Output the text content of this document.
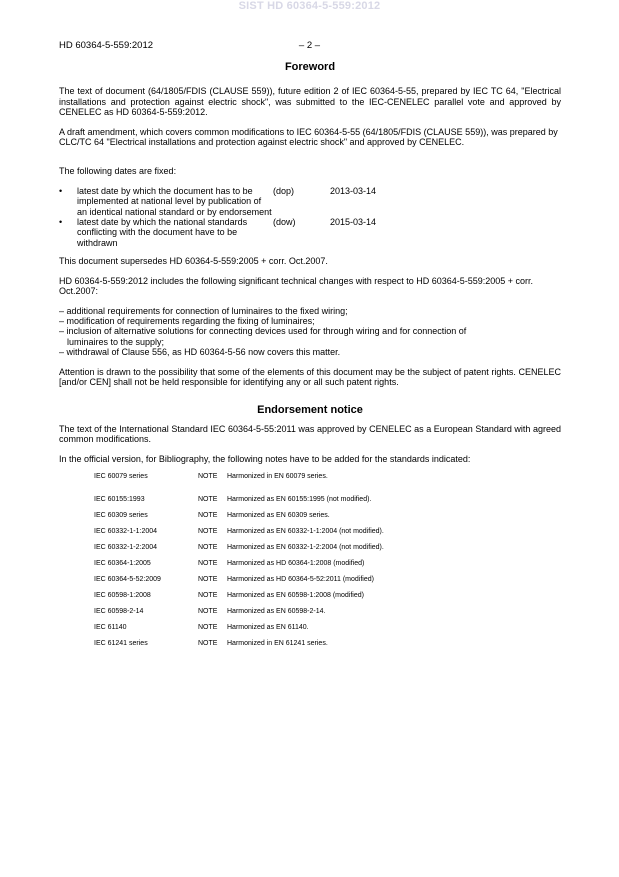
SIST HD 60364-5-559:2012
HD 60364-5-559:2012	– 2 –
Foreword

The text of document (64/1805/FDIS (CLAUSE 559)), future edition 2 of IEC 60364-5-55, prepared by IEC TC 64, "Electrical installations and protection against electric shock", was submitted to the IEC-CENELEC parallel vote and approved by CENELEC as HD 60364-5-559:2012.

A draft amendment, which covers common modifications to IEC 60364-5-55 (64/1805/FDIS (CLAUSE 559)), was prepared by CLC/TC 64 "Electrical installations and protection against electric shock" and approved by CENELEC.

The following dates are fixed:

•	latest date by which the document has to be implemented at national level by publication of an identical national standard or by endorsement
(dop)	2013-03-14
•	latest date by which the national standards conflicting with the document have to be withdrawn
(dow)	2015-03-14

This document supersedes HD 60364-5-559:2005 + corr. Oct.2007.

HD 60364-5-559:2012 includes the following significant technical changes with respect to HD 60364-5-559:2005 + corr. Oct.2007:

– additional requirements for connection of luminaires to the fixed wiring;
– modification of requirements regarding the fixing of luminaires;
– inclusion of alternative solutions for connecting devices used for through wiring and for connection of
luminaires to the supply;
– withdrawal of Clause 556, as HD 60364-5-56 now covers this matter.

Attention is drawn to the possibility that some of the elements of this document may be the subject of patent rights. CENELEC [and/or CEN] shall not be held responsible for identifying any or all such patent rights.

Endorsement notice

The text of the International Standard IEC 60364-5-55:2011 was approved by CENELEC as a European Standard with agreed common modifications.

In the official version, for Bibliography, the following notes have to be added for the standards indicated:

IEC 60079 series	NOTE	Harmonized in EN 60079 series.
IEC 60155:1993	NOTE	Harmonized as EN 60155:1995 (not modified).
IEC 60309 series	NOTE	Harmonized as EN 60309 series.
IEC 60332-1-1:2004	NOTE	Harmonized as EN 60332-1-1:2004 (not modified).
IEC 60332-1-2:2004	NOTE	Harmonized as EN 60332-1-2:2004 (not modified).
IEC 60364-1:2005	NOTE	Harmonized as HD 60364-1:2008 (modified)
IEC 60364-5-52:2009	NOTE	Harmonized as HD 60364-5-52:2011 (modified)
IEC 60598-1:2008	NOTE	Harmonized as EN 60598-1:2008 (modified)
IEC 60598-2-14	NOTE	Harmonized as EN 60598-2-14.
IEC 61140	NOTE	Harmonized as EN 61140.
IEC 61241 series	NOTE	Harmonized in EN 61241 series.
